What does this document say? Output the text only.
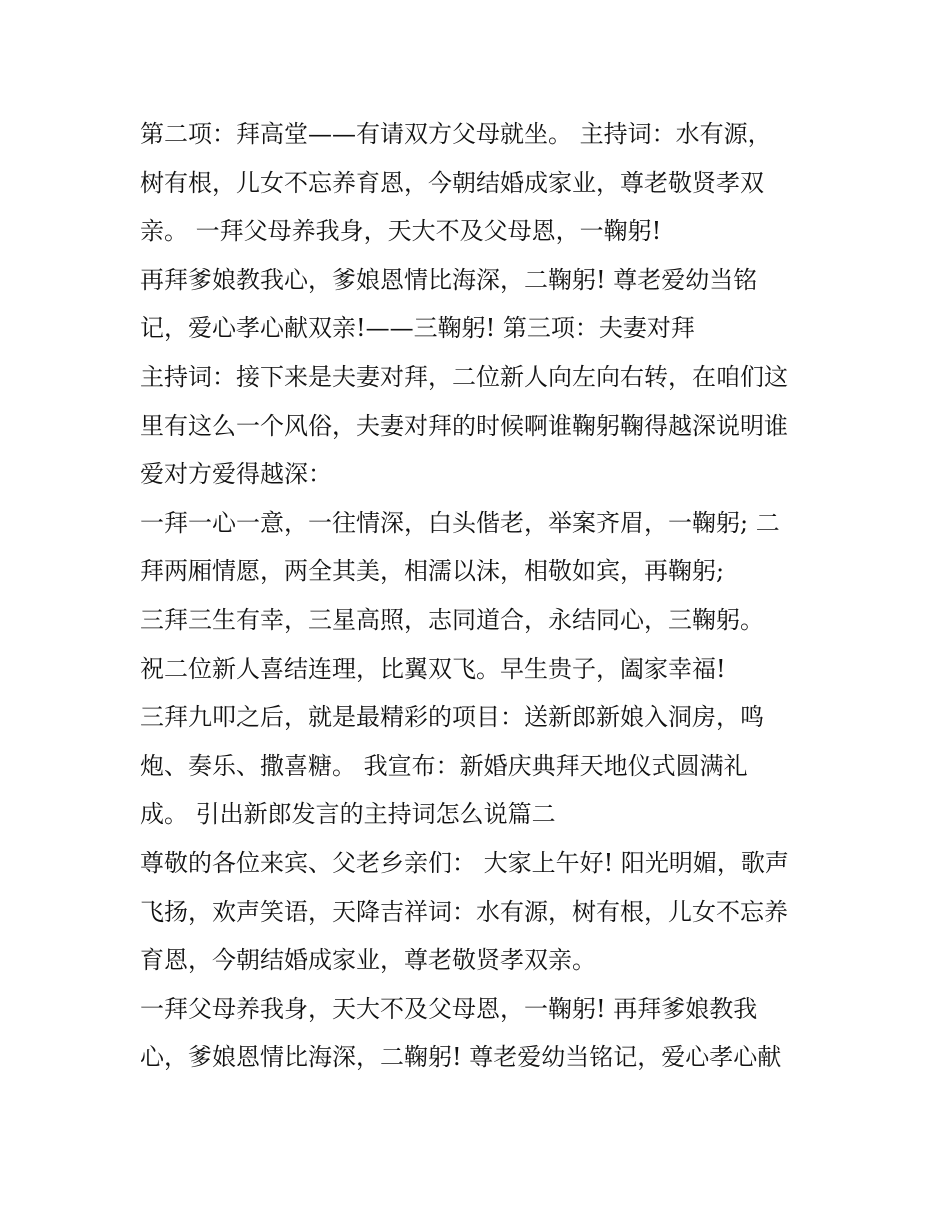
第二项：拜高堂——有请双方父母就坐。 主持词：水有源，
树有根，儿女不忘养育恩，今朝结婚成家业，尊老敬贤孝双
亲。 一拜父母养我身，天大不及父母恩，一鞠躬!
再拜爹娘教我心，爹娘恩情比海深，二鞠躬! 尊老爱幼当铭
记，爱心孝心献双亲!——三鞠躬! 第三项：夫妻对拜
主持词：接下来是夫妻对拜，二位新人向左向右转，在咱们这
里有这么一个风俗，夫妻对拜的时候啊谁鞠躬鞠得越深说明谁
爱对方爱得越深：
一拜一心一意，一往情深，白头偕老，举案齐眉，一鞠躬; 二
拜两厢情愿，两全其美，相濡以沫，相敬如宾，再鞠躬;
三拜三生有幸，三星高照，志同道合，永结同心，三鞠躬。
祝二位新人喜结连理，比翼双飞。早生贵子，阖家幸福!
三拜九叩之后，就是最精彩的项目：送新郎新娘入洞房，鸣
炮、奏乐、撒喜糖。 我宣布：新婚庆典拜天地仪式圆满礼
成。 引出新郎发言的主持词怎么说篇二
尊敬的各位来宾、父老乡亲们： 大家上午好! 阳光明媚，歌声
飞扬，欢声笑语，天降吉祥词：水有源，树有根，儿女不忘养
育恩，今朝结婚成家业，尊老敬贤孝双亲。
一拜父母养我身，天大不及父母恩，一鞠躬! 再拜爹娘教我
心，爹娘恩情比海深，二鞠躬! 尊老爱幼当铭记，爱心孝心献
